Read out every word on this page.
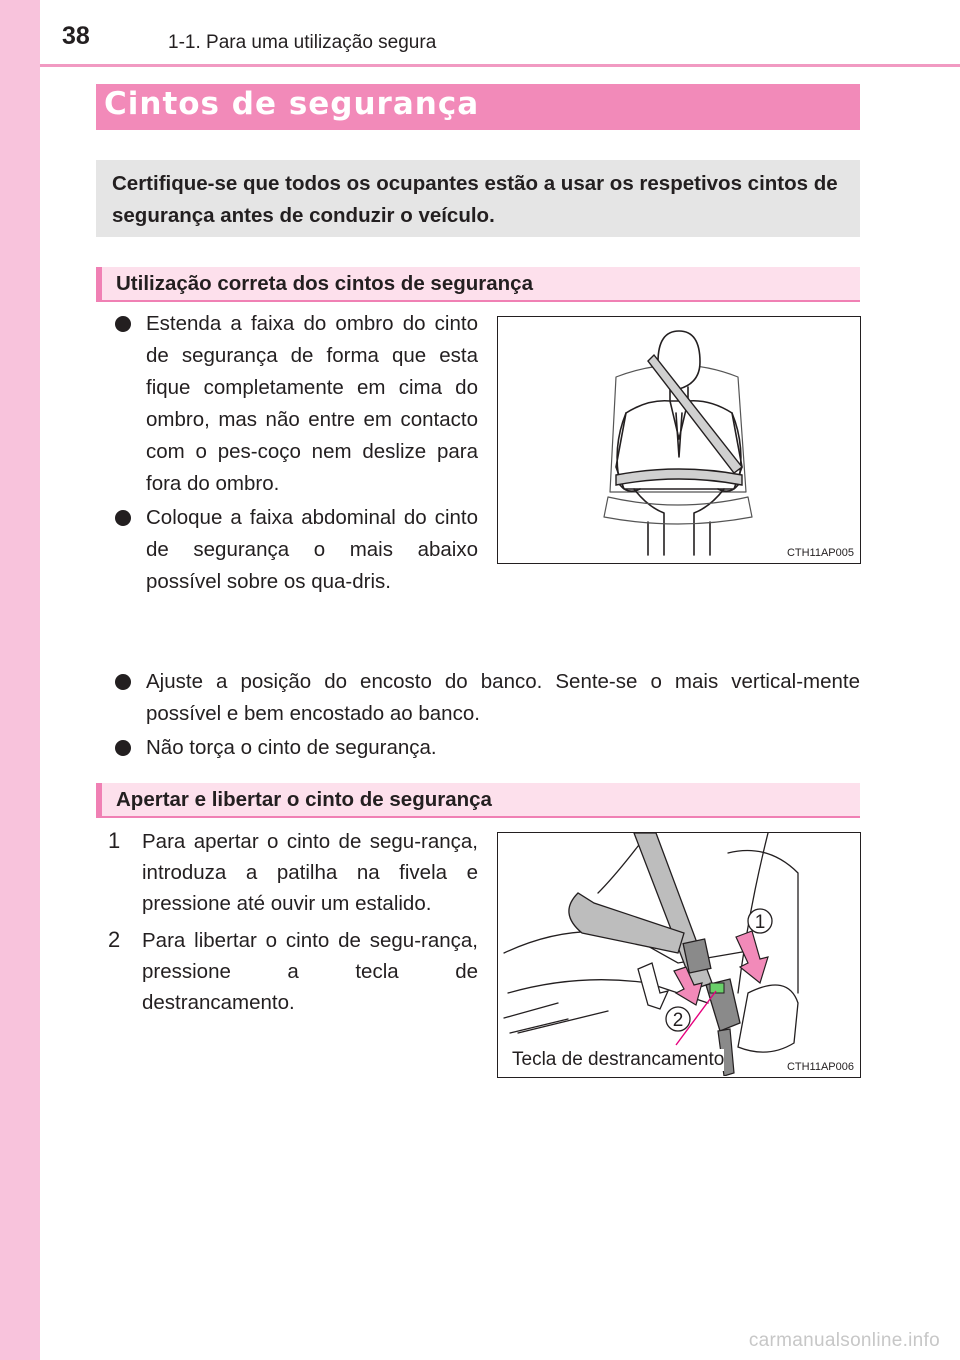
38	1-1. Para uma utilização segura
Cintos de segurança
Certifique-se que todos os ocupantes estão a usar os respetivos cintos de segurança antes de conduzir o veículo.
Utilização correta dos cintos de segurança
Estenda a faixa do ombro do cinto de segurança de forma que esta fique completamente em cima do ombro, mas não entre em contacto com o pes-coço nem deslize para fora do ombro.
Coloque a faixa abdominal do cinto de segurança o mais abaixo possível sobre os qua-dris.
Ajuste a posição do encosto do banco. Sente-se o mais vertical-mente possível e bem encostado ao banco.
Não torça o cinto de segurança.
CTH11AP005
Apertar e libertar o cinto de segurança
1	Para apertar o cinto de segu-rança, introduza a patilha na fivela e pressione até ouvir um estalido.
2	Para libertar o cinto de segu-rança, pressione a tecla de destrancamento.
1
2
Tecla de destrancamento	CTH11AP006
carmanualsonline.info
